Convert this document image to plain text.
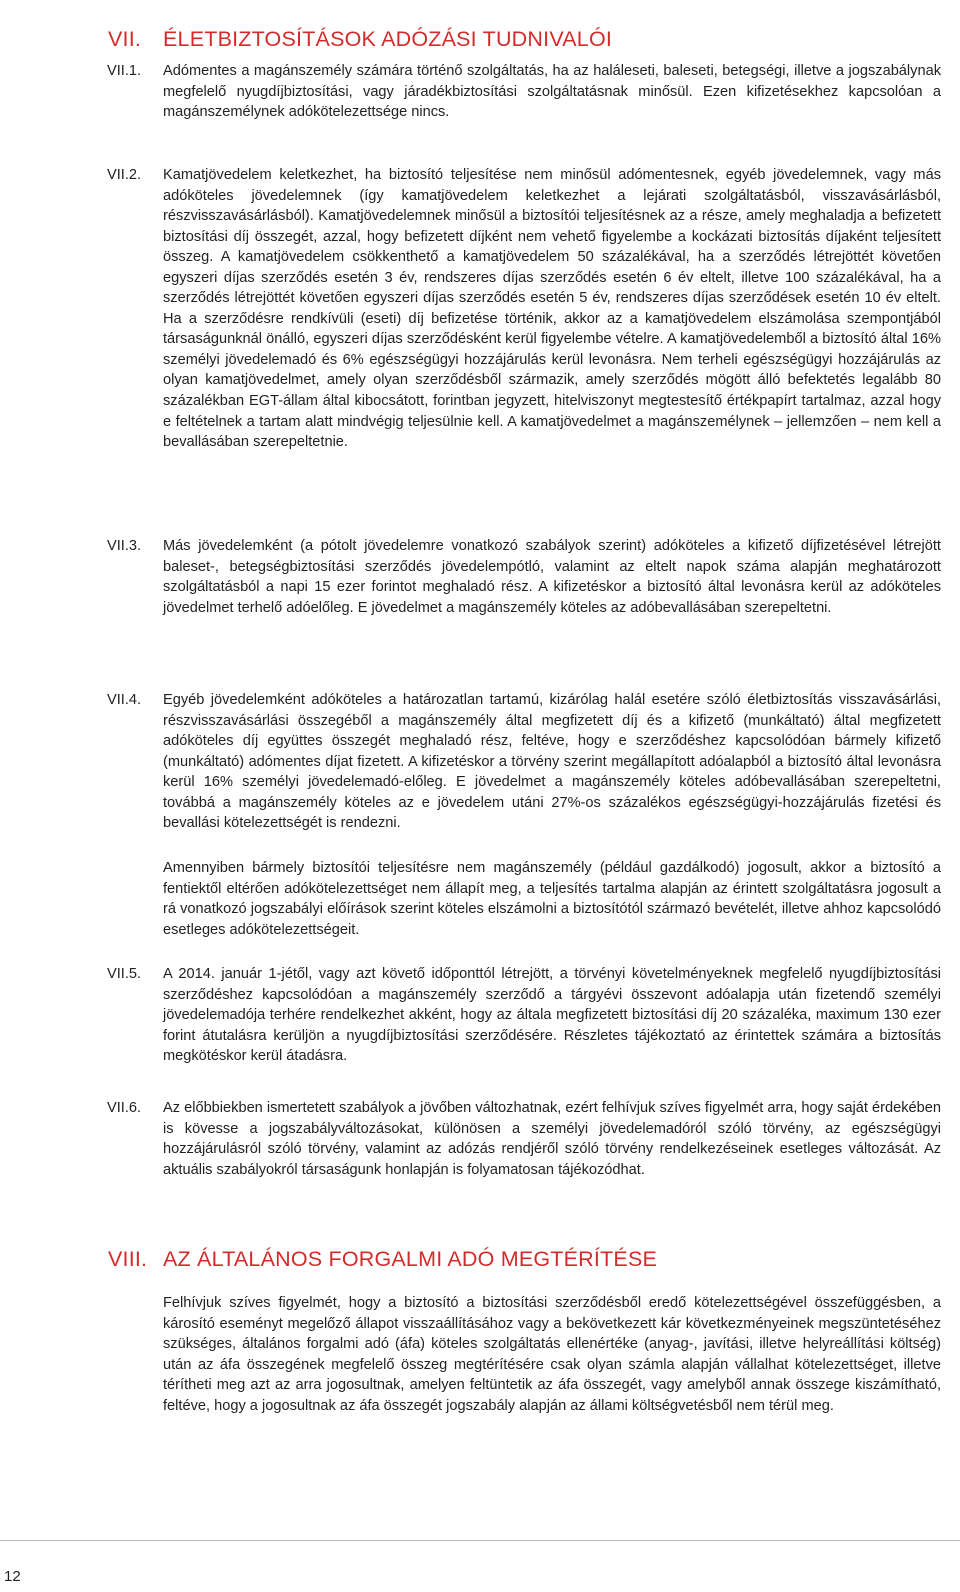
VII. ÉLETBIZTOSÍTÁSOK ADÓZÁSI TUDNIVALÓI
VII.1. Adómentes a magánszemély számára történő szolgáltatás, ha az haláleseti, baleseti, betegségi, illetve a jogszabálynak megfelelő nyugdíjbiztosítási, vagy járadékbiztosítási szolgáltatásnak minősül. Ezen kifizetésekhez kapcsolóan a magánszemélynek adókötelezettsége nincs.
VII.2. Kamatjövedelem keletkezhet, ha biztosító teljesítése nem minősül adómentesnek, egyéb jövedelemnek, vagy más adóköteles jövedelemnek (így kamatjövedelem keletkezhet a lejárati szolgáltatásból, visszavásárlásból, részvisszavásárlásból). Kamatjövedelemnek minősül a biztosítói teljesítésnek az a része, amely meghaladja a befizetett biztosítási díj összegét, azzal, hogy befizetett díjként nem vehető figyelembe a kockázati biztosítás díjaként teljesített összeg. A kamatjövedelem csökkenthető a kamatjövedelem 50 százalékával, ha a szerződés létrejöttét követően egyszeri díjas szerződés esetén 3 év, rendszeres díjas szerződés esetén 6 év eltelt, illetve 100 százalékával, ha a szerződés létrejöttét követően egyszeri díjas szerződés esetén 5 év, rendszeres díjas szerződések esetén 10 év eltelt. Ha a szerződésre rendkívüli (eseti) díj befizetése történik, akkor az a kamatjövedelem elszámolása szempontjából társaságunknál önálló, egyszeri díjas szerződésként kerül figyelembe vételre. A kamatjövedelemből a biztosító által 16% személyi jövedelemadó és 6% egészségügyi hozzájárulás kerül levonásra. Nem terheli egészségügyi hozzájárulás az olyan kamatjövedelmet, amely olyan szerződésből származik, amely szerződés mögött álló befektetés legalább 80 százalékban EGT-állam által kibocsátott, forintban jegyzett, hitelviszonyt megtestesítő értékpapírt tartalmaz, azzal hogy e feltételnek a tartam alatt mindvégig teljesülnie kell. A kamatjövedelmet a magánszemélynek – jellemzően – nem kell a bevallásában szerepeltetnie.
VII.3. Más jövedelemként (a pótolt jövedelemre vonatkozó szabályok szerint) adóköteles a kifizető díjfizetésével létrejött baleset-, betegségbiztosítási szerződés jövedelempótló, valamint az eltelt napok száma alapján meghatározott szolgáltatásból a napi 15 ezer forintot meghaladó rész. A kifizetéskor a biztosító által levonásra kerül az adóköteles jövedelmet terhelő adóelőleg. E jövedelmet a magánszemély köteles az adóbevallásában szerepeltetni.
VII.4. Egyéb jövedelemként adóköteles a határozatlan tartamú, kizárólag halál esetére szóló életbiztosítás visszavásárlási, részvisszavásárlási összegéből a magánszemély által megfizetett díj és a kifizető (munkáltató) által megfizetett adóköteles díj együttes összegét meghaladó rész, feltéve, hogy e szerződéshez kapcsolódóan bármely kifizető (munkáltató) adómentes díjat fizetett. A kifizetéskor a törvény szerint megállapított adóalapból a biztosító által levonásra kerül 16% személyi jövedelemadó-előleg. E jövedelmet a magánszemély köteles adóbevallásában szerepeltetni, továbbá a magánszemély köteles az e jövedelem utáni 27%-os százalékos egészségügyi-hozzájárulás fizetési és bevallási kötelezettségét is rendezni.
Amennyiben bármely biztosítói teljesítésre nem magánszemély (például gazdálkodó) jogosult, akkor a biztosító a fentiektől eltérően adókötelezettséget nem állapít meg, a teljesítés tartalma alapján az érintett szolgáltatásra jogosult a rá vonatkozó jogszabályi előírások szerint köteles elszámolni a biztosítótól származó bevételét, illetve ahhoz kapcsolódó esetleges adókötelezettségeit.
VII.5. A 2014. január 1-jétől, vagy azt követő időponttól létrejött, a törvényi követelményeknek megfelelő nyugdíjbiztosítási szerződéshez kapcsolódóan a magánszemély szerződő a tárgyévi összevont adóalapja után fizetendő személyi jövedelemadója terhére rendelkezhet akként, hogy az általa megfizetett biztosítási díj 20 százaléka, maximum 130 ezer forint átutalásra kerüljön a nyugdíjbiztosítási szerződésére. Részletes tájékoztató az érintettek számára a biztosítás megkötéskor kerül átadásra.
VII.6. Az előbbiekben ismertetett szabályok a jövőben változhatnak, ezért felhívjuk szíves figyelmét arra, hogy saját érdekében is kövesse a jogszabályváltozásokat, különösen a személyi jövedelemadóról szóló törvény, az egészségügyi hozzájárulásról szóló törvény, valamint az adózás rendjéről szóló törvény rendelkezéseinek esetleges változását. Az aktuális szabályokról társaságunk honlapján is folyamatosan tájékozódhat.
VIII. AZ ÁLTALÁNOS FORGALMI ADÓ MEGTÉRÍTÉSE
Felhívjuk szíves figyelmét, hogy a biztosító a biztosítási szerződésből eredő kötelezettségével összefüggésben, a károsító eseményt megelőző állapot visszaállításához vagy a bekövetkezett kár következményeinek megszüntetéséhez szükséges, általános forgalmi adó (áfa) köteles szolgáltatás ellenértéke (anyag-, javítási, illetve helyreállítási költség) után az áfa összegének megfelelő összeg megtérítésére csak olyan számla alapján vállalhat kötelezettséget, illetve térítheti meg azt az arra jogosultnak, amelyen feltüntetik az áfa összegét, vagy amelyből annak összege kiszámítható, feltéve, hogy a jogosultnak az áfa összegét jogszabály alapján az állami költségvetésből nem térül meg.
12
